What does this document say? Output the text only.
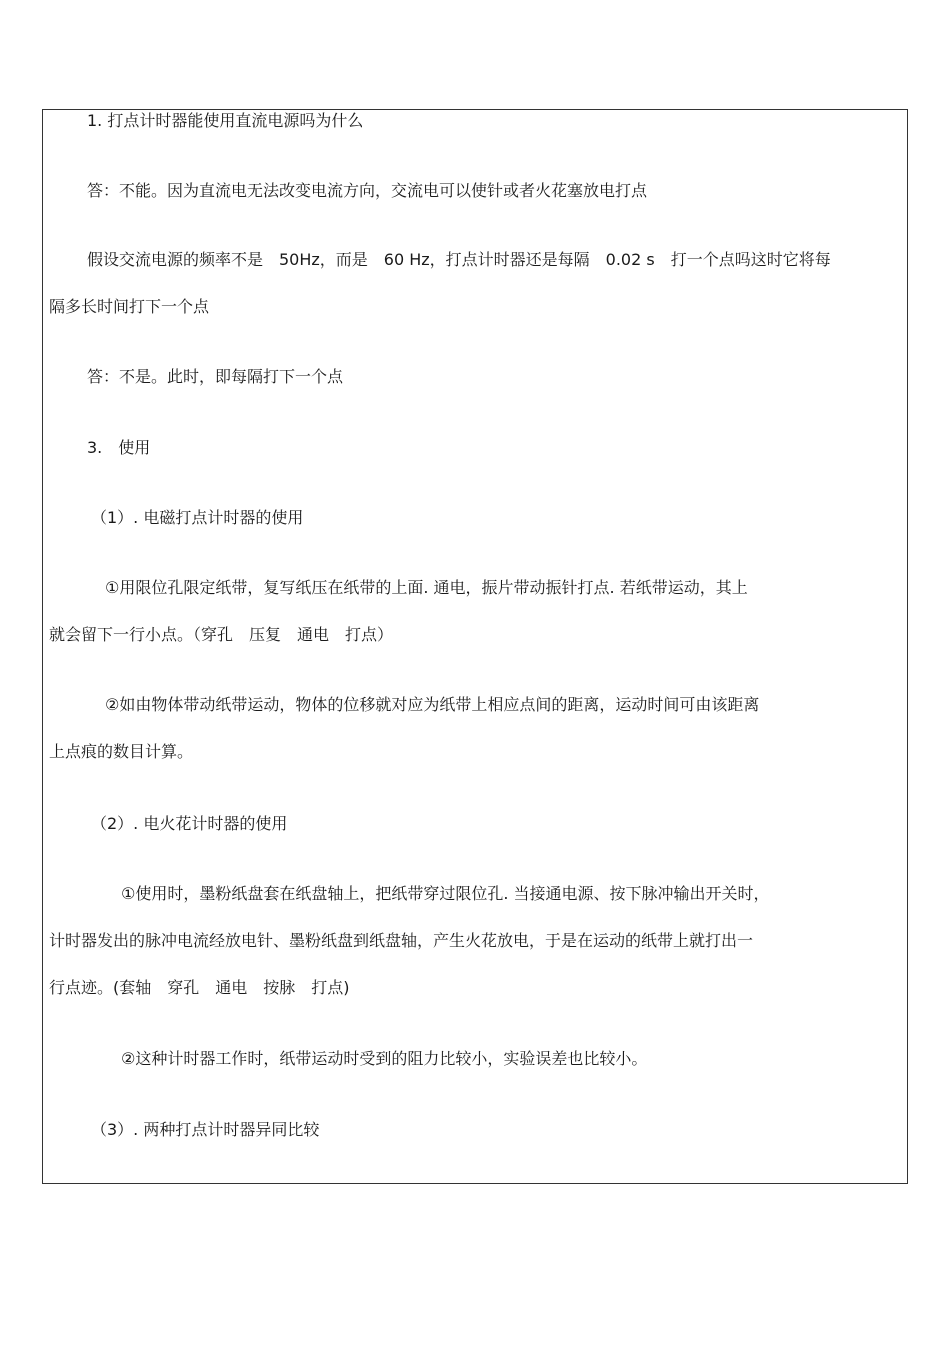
1. 打点计时器能使用直流电源吗为什么
答：不能。因为直流电无法改变电流方向，交流电可以使针或者火花塞放电打点
假设交流电源的频率不是　50Hz，而是　60 Hz，打点计时器还是每隔　0.02 s　打一个点吗这时它将每
隔多长时间打下一个点
答：不是。此时，即每隔打下一个点
3.　使用
（1）. 电磁打点计时器的使用
①用限位孔限定纸带，复写纸压在纸带的上面. 通电，振片带动振针打点. 若纸带运动，其上
就会留下一行小点。（穿孔　压复　通电　打点）
②如由物体带动纸带运动，物体的位移就对应为纸带上相应点间的距离，运动时间可由该距离
上点痕的数目计算。
（2）. 电火花计时器的使用
①使用时，墨粉纸盘套在纸盘轴上，把纸带穿过限位孔. 当接通电源、按下脉冲输出开关时，
计时器发出的脉冲电流经放电针、墨粉纸盘到纸盘轴，产生火花放电，于是在运动的纸带上就打出一
行点迹。(套轴　穿孔　通电　按脉　打点)
②这种计时器工作时，纸带运动时受到的阻力比较小，实验误差也比较小。
（3）. 两种打点计时器异同比较
